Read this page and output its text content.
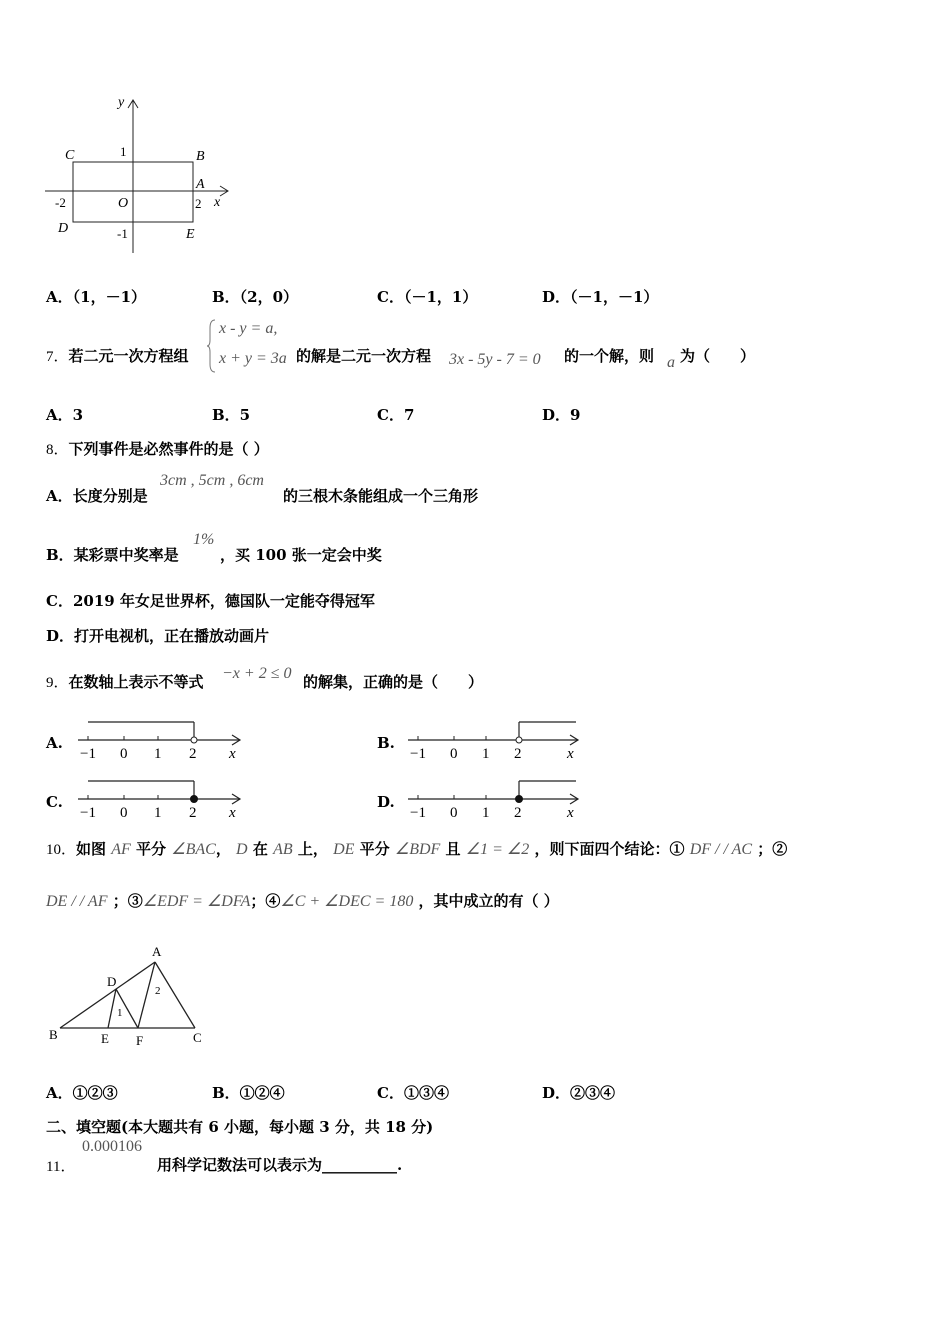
y
x
C	B
A
D	E
O
1
-1
2
-2
A．（1，－1）	B．（2，0）	C．（－1，1）	D．（－1，－1）
7．若二元一次方程组
x - y = a,
x + y = 3a 的解是二元一次方程 3x - 5y - 7 = 0 的一个解，则 a 为（　　）
A．3	B．5	C．7	D．9
8．下列事件是必然事件的是（ ）
A．长度分别是
3cm , 5cm , 6cm
的三根木条能组成一个三角形
B．某彩票中奖率是
1%
，买 100 张一定会中奖
C．2019 年女足世界杯，德国队一定能夺得冠军
D．打开电视机，正在播放动画片
9．在数轴上表示不等式 −x + 2 ≤ 0 的解集，正确的是（　　）
A.	B.
C.	D.
−1 0 1 2 x	−1 0 1 2	x
−1 0 1 2 x	−1 0 1 2	x
10．如图 AF 平分 ∠BAC， D 在 AB 上， DE 平分 ∠BDF 且 ∠1 = ∠2 ，则下面四个结论：① DF / / AC ；②
DE / / AF ；③∠EDF = ∠DFA；④∠C + ∠DEC = 180 ，其中成立的有（ ）
A
B	C
D
E F
1
2
A．①②③	B．①②④	C．①③④	D．②③④
二、填空题(本大题共有 6 小题，每小题 3 分，共 18 分)
11．
0.000106
用科学记数法可以表示为__________.
